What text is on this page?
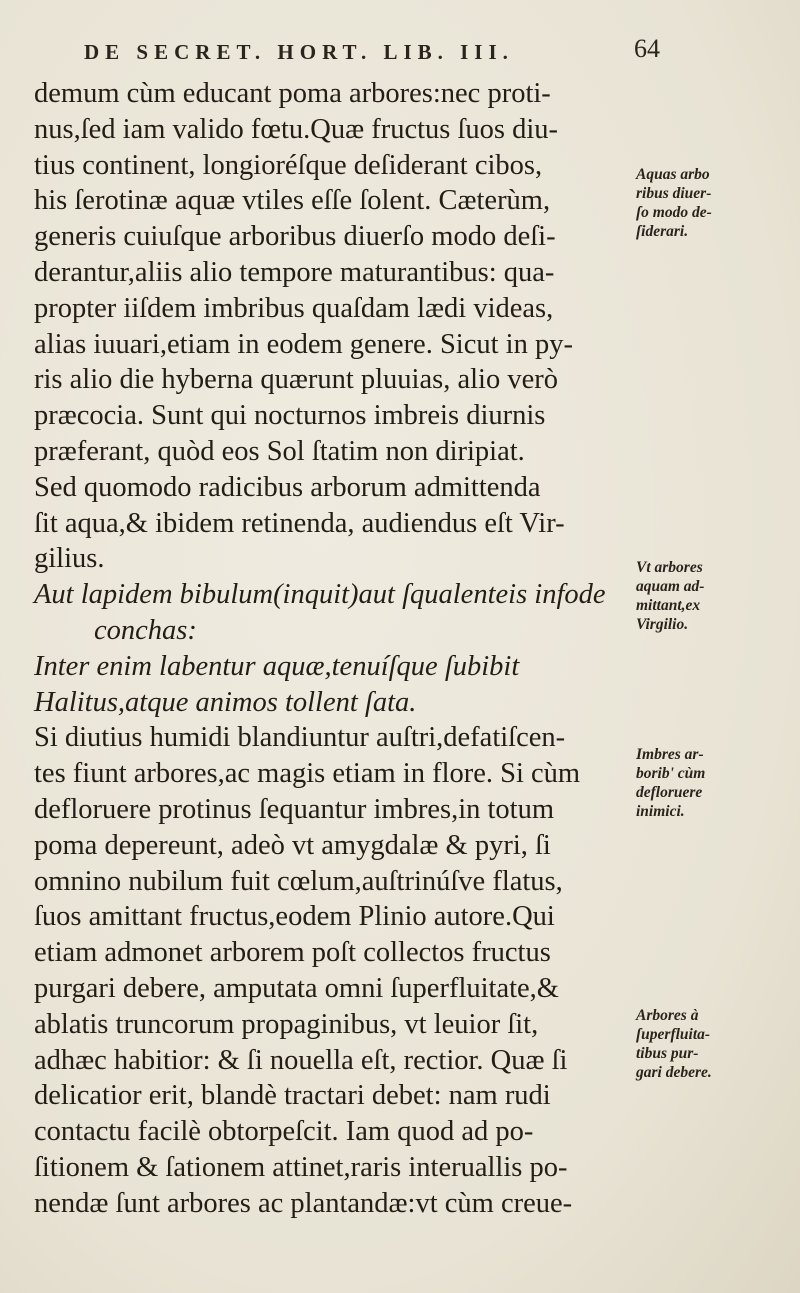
DE SECRET. HORT. LIB. III.	64
demum cùm educant poma arbores:nec proti-
nus,ſed iam valido fœtu.Quæ fructus ſuos diu-
tius continent, longioréſque deſiderant cibos,
his ſerotinæ aquæ vtiles eſſe ſolent. Cæterùm,
generis cuiuſque arboribus diuerſo modo deſi-
derantur,aliis alio tempore maturantibus: qua-
propter iiſdem imbribus quaſdam lædi videas,
alias iuuari,etiam in eodem genere. Sicut in py-
ris alio die hyberna quærunt pluuias, alio verò
præcocia. Sunt qui nocturnos imbreis diurnis
præferant, quòd eos Sol ſtatim non diripiat.
Sed quomodo radicibus arborum admittenda
ſit aqua,& ibidem retinenda, audiendus eſt Vir-
gilius.
Aut lapidem bibulum(inquit)aut ſqualenteis infode
conchas:
Inter enim labentur aquæ,tenuíſque ſubibit
Halitus,atque animos tollent ſata.
Si diutius humidi blandiuntur auſtri,defatiſcen-
tes fiunt arbores,ac magis etiam in flore. Si cùm
defloruere protinus ſequantur imbres,in totum
poma depereunt, adeò vt amygdalæ & pyri, ſi
omnino nubilum fuit cœlum,auſtrinúſve flatus,
ſuos amittant fructus,eodem Plinio autore.Qui
etiam admonet arborem poſt collectos fructus
purgari debere, amputata omni ſuperfluitate,&
ablatis truncorum propaginibus, vt leuior ſit,
adhæc habitior: & ſi nouella eſt, rectior. Quæ ſi
delicatior erit, blandè tractari debet: nam rudi
contactu facilè obtorpeſcit. Iam quod ad po-
ſitionem & ſationem attinet,raris interuallis po-
nendæ ſunt arbores ac plantandæ:vt cùm creue-
Aquas arbo
ribus diuer-
ſo modo de-
ſiderari.
Vt arbores
aquam ad-
mittant,ex
Virgilio.
Imbres ar-
borib' cùm
defloruere
inimici.
Arbores à
ſuperfluita-
tibus pur-
gari debere.
